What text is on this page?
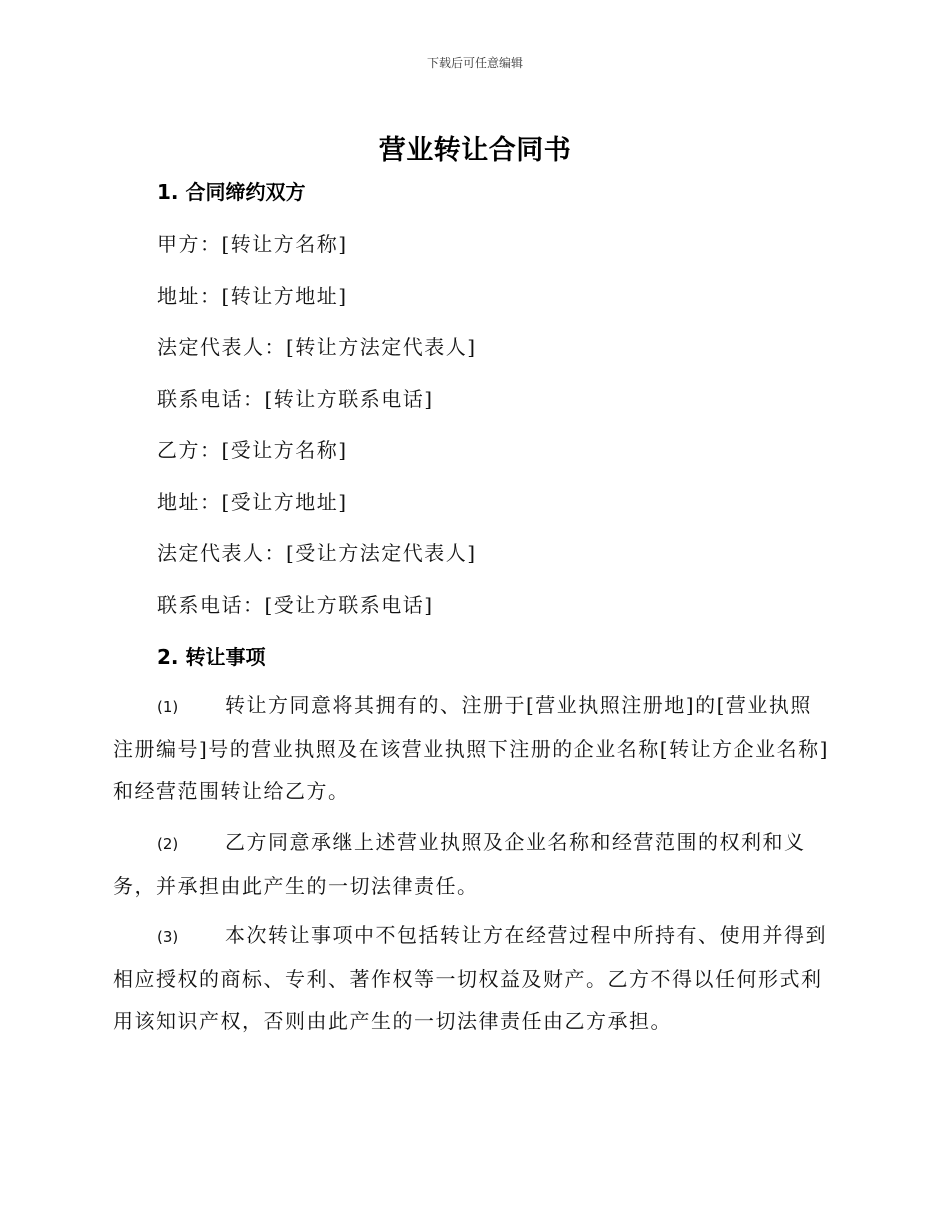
下载后可任意编辑
营业转让合同书
1. 合同缔约双方
甲方：[转让方名称]
地址：[转让方地址]
法定代表人：[转让方法定代表人]
联系电话：[转让方联系电话]
乙方：[受让方名称]
地址：[受让方地址]
法定代表人：[受让方法定代表人]
联系电话：[受让方联系电话]
2. 转让事项
(1) 转让方同意将其拥有的、注册于[营业执照注册地]的[营业执照注册编号]号的营业执照及在该营业执照下注册的企业名称[转让方企业名称]和经营范围转让给乙方。
(2) 乙方同意承继上述营业执照及企业名称和经营范围的权利和义务，并承担由此产生的一切法律责任。
(3) 本次转让事项中不包括转让方在经营过程中所持有、使用并得到相应授权的商标、专利、著作权等一切权益及财产。乙方不得以任何形式利用该知识产权，否则由此产生的一切法律责任由乙方承担。
